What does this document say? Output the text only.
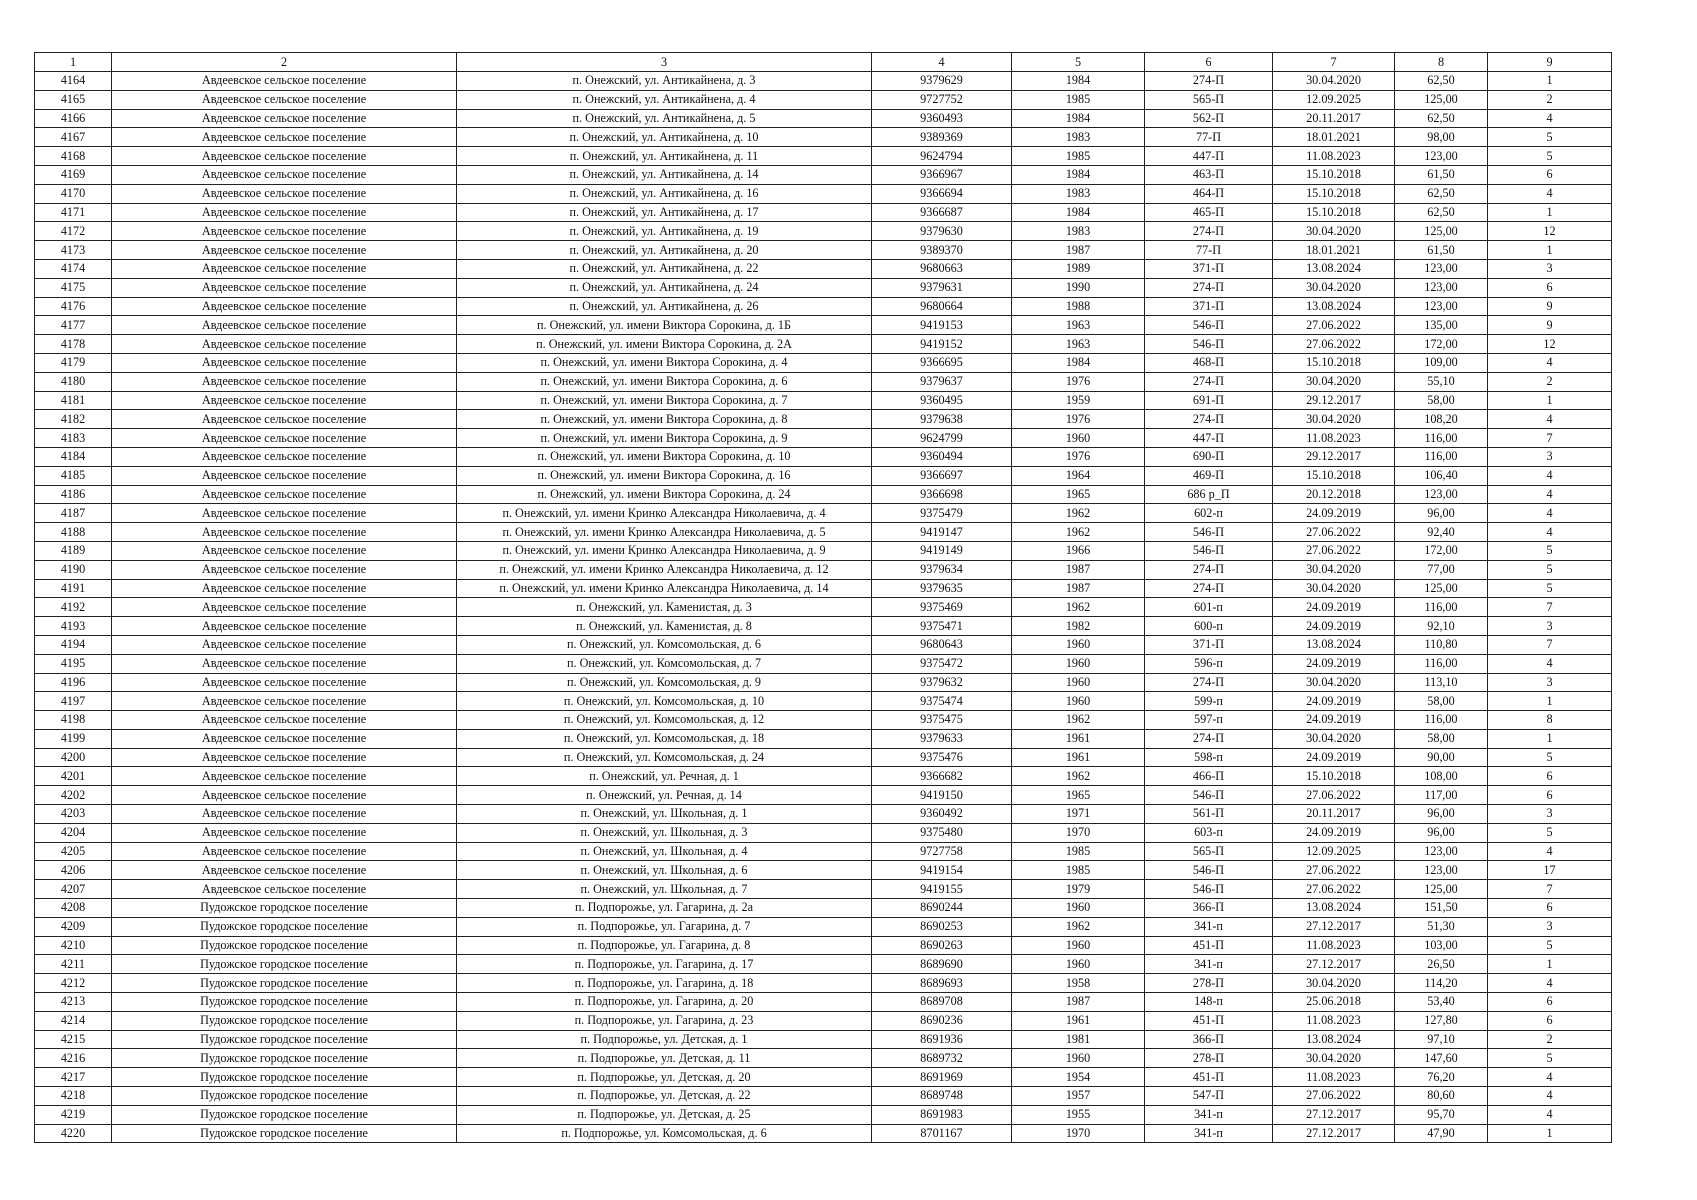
1	2	3	4	5	6	7	8	9
4164	Авдеевское сельское поселение	п. Онежский, ул. Антикайнена, д. 3	9379629	1984	274-П	30.04.2020	62,50	1
4165	Авдеевское сельское поселение	п. Онежский, ул. Антикайнена, д. 4	9727752	1985	565-П	12.09.2025	125,00	2
4166	Авдеевское сельское поселение	п. Онежский, ул. Антикайнена, д. 5	9360493	1984	562-П	20.11.2017	62,50	4
4167	Авдеевское сельское поселение	п. Онежский, ул. Антикайнена, д. 10	9389369	1983	77-П	18.01.2021	98,00	5
4168	Авдеевское сельское поселение	п. Онежский, ул. Антикайнена, д. 11	9624794	1985	447-П	11.08.2023	123,00	5
4169	Авдеевское сельское поселение	п. Онежский, ул. Антикайнена, д. 14	9366967	1984	463-П	15.10.2018	61,50	6
4170	Авдеевское сельское поселение	п. Онежский, ул. Антикайнена, д. 16	9366694	1983	464-П	15.10.2018	62,50	4
4171	Авдеевское сельское поселение	п. Онежский, ул. Антикайнена, д. 17	9366687	1984	465-П	15.10.2018	62,50	1
4172	Авдеевское сельское поселение	п. Онежский, ул. Антикайнена, д. 19	9379630	1983	274-П	30.04.2020	125,00	12
4173	Авдеевское сельское поселение	п. Онежский, ул. Антикайнена, д. 20	9389370	1987	77-П	18.01.2021	61,50	1
4174	Авдеевское сельское поселение	п. Онежский, ул. Антикайнена, д. 22	9680663	1989	371-П	13.08.2024	123,00	3
4175	Авдеевское сельское поселение	п. Онежский, ул. Антикайнена, д. 24	9379631	1990	274-П	30.04.2020	123,00	6
4176	Авдеевское сельское поселение	п. Онежский, ул. Антикайнена, д. 26	9680664	1988	371-П	13.08.2024	123,00	9
4177	Авдеевское сельское поселение	п. Онежский, ул. имени Виктора Сорокина, д. 1Б	9419153	1963	546-П	27.06.2022	135,00	9
4178	Авдеевское сельское поселение	п. Онежский, ул. имени Виктора Сорокина, д. 2А	9419152	1963	546-П	27.06.2022	172,00	12
4179	Авдеевское сельское поселение	п. Онежский, ул. имени Виктора Сорокина, д. 4	9366695	1984	468-П	15.10.2018	109,00	4
4180	Авдеевское сельское поселение	п. Онежский, ул. имени Виктора Сорокина, д. 6	9379637	1976	274-П	30.04.2020	55,10	2
4181	Авдеевское сельское поселение	п. Онежский, ул. имени Виктора Сорокина, д. 7	9360495	1959	691-П	29.12.2017	58,00	1
4182	Авдеевское сельское поселение	п. Онежский, ул. имени Виктора Сорокина, д. 8	9379638	1976	274-П	30.04.2020	108,20	4
4183	Авдеевское сельское поселение	п. Онежский, ул. имени Виктора Сорокина, д. 9	9624799	1960	447-П	11.08.2023	116,00	7
4184	Авдеевское сельское поселение	п. Онежский, ул. имени Виктора Сорокина, д. 10	9360494	1976	690-П	29.12.2017	116,00	3
4185	Авдеевское сельское поселение	п. Онежский, ул. имени Виктора Сорокина, д. 16	9366697	1964	469-П	15.10.2018	106,40	4
4186	Авдеевское сельское поселение	п. Онежский, ул. имени Виктора Сорокина, д. 24	9366698	1965	686 р_П	20.12.2018	123,00	4
4187	Авдеевское сельское поселение	п. Онежский, ул. имени Кринко Александра Николаевича, д. 4	9375479	1962	602-п	24.09.2019	96,00	4
4188	Авдеевское сельское поселение	п. Онежский, ул. имени Кринко Александра Николаевича, д. 5	9419147	1962	546-П	27.06.2022	92,40	4
4189	Авдеевское сельское поселение	п. Онежский, ул. имени Кринко Александра Николаевича, д. 9	9419149	1966	546-П	27.06.2022	172,00	5
4190	Авдеевское сельское поселение	п. Онежский, ул. имени Кринко Александра Николаевича, д. 12	9379634	1987	274-П	30.04.2020	77,00	5
4191	Авдеевское сельское поселение	п. Онежский, ул. имени Кринко Александра Николаевича, д. 14	9379635	1987	274-П	30.04.2020	125,00	5
4192	Авдеевское сельское поселение	п. Онежский, ул. Каменистая, д. 3	9375469	1962	601-п	24.09.2019	116,00	7
4193	Авдеевское сельское поселение	п. Онежский, ул. Каменистая, д. 8	9375471	1982	600-п	24.09.2019	92,10	3
4194	Авдеевское сельское поселение	п. Онежский, ул. Комсомольская, д. 6	9680643	1960	371-П	13.08.2024	110,80	7
4195	Авдеевское сельское поселение	п. Онежский, ул. Комсомольская, д. 7	9375472	1960	596-п	24.09.2019	116,00	4
4196	Авдеевское сельское поселение	п. Онежский, ул. Комсомольская, д. 9	9379632	1960	274-П	30.04.2020	113,10	3
4197	Авдеевское сельское поселение	п. Онежский, ул. Комсомольская, д. 10	9375474	1960	599-п	24.09.2019	58,00	1
4198	Авдеевское сельское поселение	п. Онежский, ул. Комсомольская, д. 12	9375475	1962	597-п	24.09.2019	116,00	8
4199	Авдеевское сельское поселение	п. Онежский, ул. Комсомольская, д. 18	9379633	1961	274-П	30.04.2020	58,00	1
4200	Авдеевское сельское поселение	п. Онежский, ул. Комсомольская, д. 24	9375476	1961	598-п	24.09.2019	90,00	5
4201	Авдеевское сельское поселение	п. Онежский, ул. Речная, д. 1	9366682	1962	466-П	15.10.2018	108,00	6
4202	Авдеевское сельское поселение	п. Онежский, ул. Речная, д. 14	9419150	1965	546-П	27.06.2022	117,00	6
4203	Авдеевское сельское поселение	п. Онежский, ул. Школьная, д. 1	9360492	1971	561-П	20.11.2017	96,00	3
4204	Авдеевское сельское поселение	п. Онежский, ул. Школьная, д. 3	9375480	1970	603-п	24.09.2019	96,00	5
4205	Авдеевское сельское поселение	п. Онежский, ул. Школьная, д. 4	9727758	1985	565-П	12.09.2025	123,00	4
4206	Авдеевское сельское поселение	п. Онежский, ул. Школьная, д. 6	9419154	1985	546-П	27.06.2022	123,00	17
4207	Авдеевское сельское поселение	п. Онежский, ул. Школьная, д. 7	9419155	1979	546-П	27.06.2022	125,00	7
4208	Пудожское городское поселение	п. Подпорожье, ул. Гагарина, д. 2а	8690244	1960	366-П	13.08.2024	151,50	6
4209	Пудожское городское поселение	п. Подпорожье, ул. Гагарина, д. 7	8690253	1962	341-п	27.12.2017	51,30	3
4210	Пудожское городское поселение	п. Подпорожье, ул. Гагарина, д. 8	8690263	1960	451-П	11.08.2023	103,00	5
4211	Пудожское городское поселение	п. Подпорожье, ул. Гагарина, д. 17	8689690	1960	341-п	27.12.2017	26,50	1
4212	Пудожское городское поселение	п. Подпорожье, ул. Гагарина, д. 18	8689693	1958	278-П	30.04.2020	114,20	4
4213	Пудожское городское поселение	п. Подпорожье, ул. Гагарина, д. 20	8689708	1987	148-п	25.06.2018	53,40	6
4214	Пудожское городское поселение	п. Подпорожье, ул. Гагарина, д. 23	8690236	1961	451-П	11.08.2023	127,80	6
4215	Пудожское городское поселение	п. Подпорожье, ул. Детская, д. 1	8691936	1981	366-П	13.08.2024	97,10	2
4216	Пудожское городское поселение	п. Подпорожье, ул. Детская, д. 11	8689732	1960	278-П	30.04.2020	147,60	5
4217	Пудожское городское поселение	п. Подпорожье, ул. Детская, д. 20	8691969	1954	451-П	11.08.2023	76,20	4
4218	Пудожское городское поселение	п. Подпорожье, ул. Детская, д. 22	8689748	1957	547-П	27.06.2022	80,60	4
4219	Пудожское городское поселение	п. Подпорожье, ул. Детская, д. 25	8691983	1955	341-п	27.12.2017	95,70	4
4220	Пудожское городское поселение	п. Подпорожье, ул. Комсомольская, д. 6	8701167	1970	341-п	27.12.2017	47,90	1
